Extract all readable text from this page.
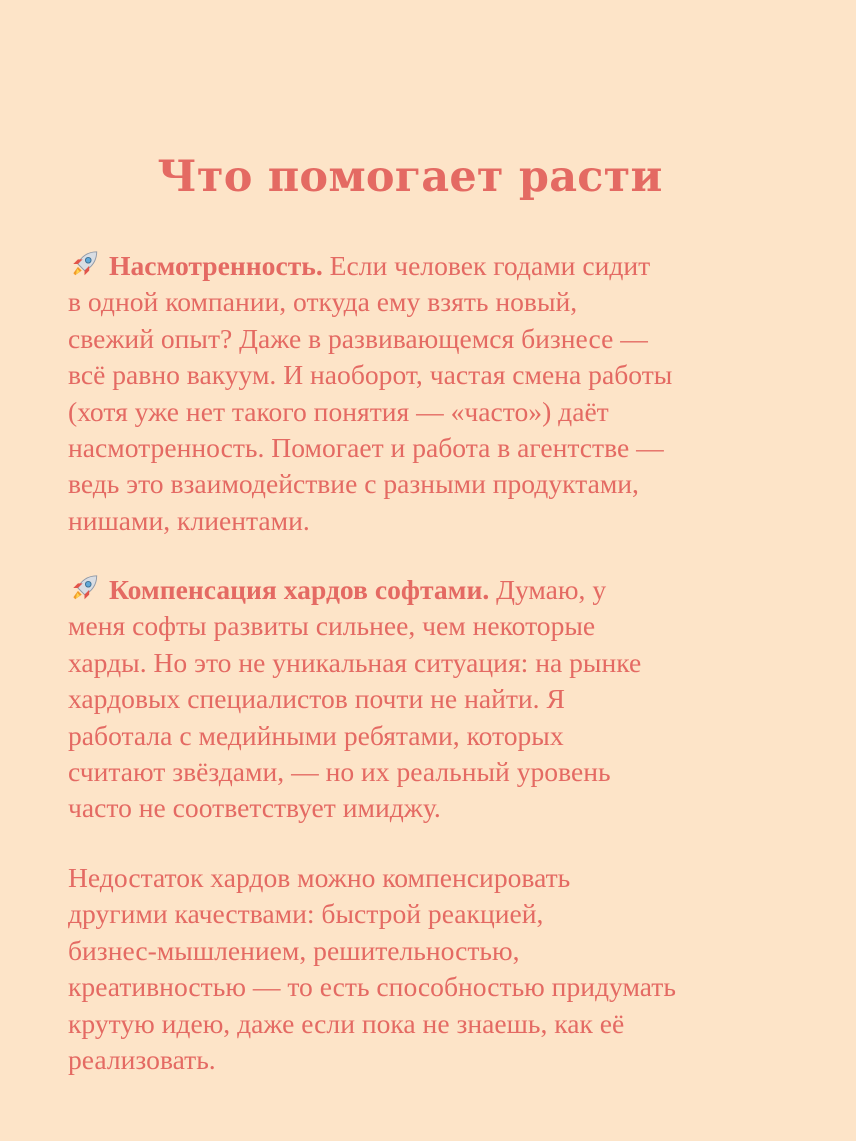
Что помогает расти

Насмотренность. Если человек годами сидит
в одной компании, откуда ему взять новый,
свежий опыт? Даже в развивающемся бизнесе —
всё равно вакуум. И наоборот, частая смена работы
(хотя уже нет такого понятия — «часто») даёт
насмотренность. Помогает и работа в агентстве —
ведь это взаимодействие с разными продуктами,
нишами, клиентами.

Компенсация хардов софтами. Думаю, у
меня софты развиты сильнее, чем некоторые
харды. Но это не уникальная ситуация: на рынке
хардовых специалистов почти не найти. Я
работала с медийными ребятами, которых
считают звёздами, — но их реальный уровень
часто не соответствует имиджу.

Недостаток хардов можно компенсировать
другими качествами: быстрой реакцией,
бизнес-мышлением, решительностью,
креативностью — то есть способностью придумать
крутую идею, даже если пока не знаешь, как её
реализовать.
